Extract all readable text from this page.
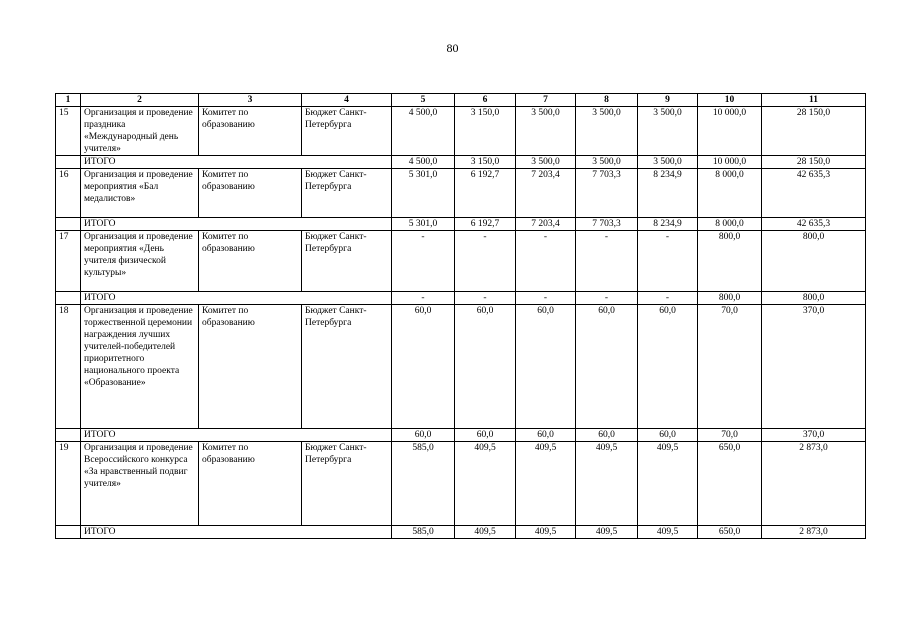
80
1	2	3	4	5	6	7	8	9	10	11
15	Организация и проведение праздника «Международный день учителя»	Комитет по образованию	Бюджет Санкт-Петербурга	4 500,0	3 150,0	3 500,0	3 500,0	3 500,0	10 000,0	28 150,0
	ИТОГО			4 500,0	3 150,0	3 500,0	3 500,0	3 500,0	10 000,0	28 150,0
16	Организация и проведение мероприятия «Бал медалистов»	Комитет по образованию	Бюджет Санкт-Петербурга	5 301,0	6 192,7	7 203,4	7 703,3	8 234,9	8 000,0	42 635,3
	ИТОГО			5 301,0	6 192,7	7 203,4	7 703,3	8 234,9	8 000,0	42 635,3
17	Организация и проведение мероприятия «День учителя физической культуры»	Комитет по образованию	Бюджет Санкт-Петербурга	-	-	-	-	-	800,0	800,0
	ИТОГО			-	-	-	-	-	800,0	800,0
18	Организация и проведение торжественной церемонии награждения лучших учителей-победителей приоритетного национального проекта «Образование»	Комитет по образованию	Бюджет Санкт-Петербурга	60,0	60,0	60,0	60,0	60,0	70,0	370,0
	ИТОГО			60,0	60,0	60,0	60,0	60,0	70,0	370,0
19	Организация и проведение Всероссийского конкурса «За нравственный подвиг учителя»	Комитет по образованию	Бюджет Санкт-Петербурга	585,0	409,5	409,5	409,5	409,5	650,0	2 873,0
	ИТОГО			585,0	409,5	409,5	409,5	409,5	650,0	2 873,0
